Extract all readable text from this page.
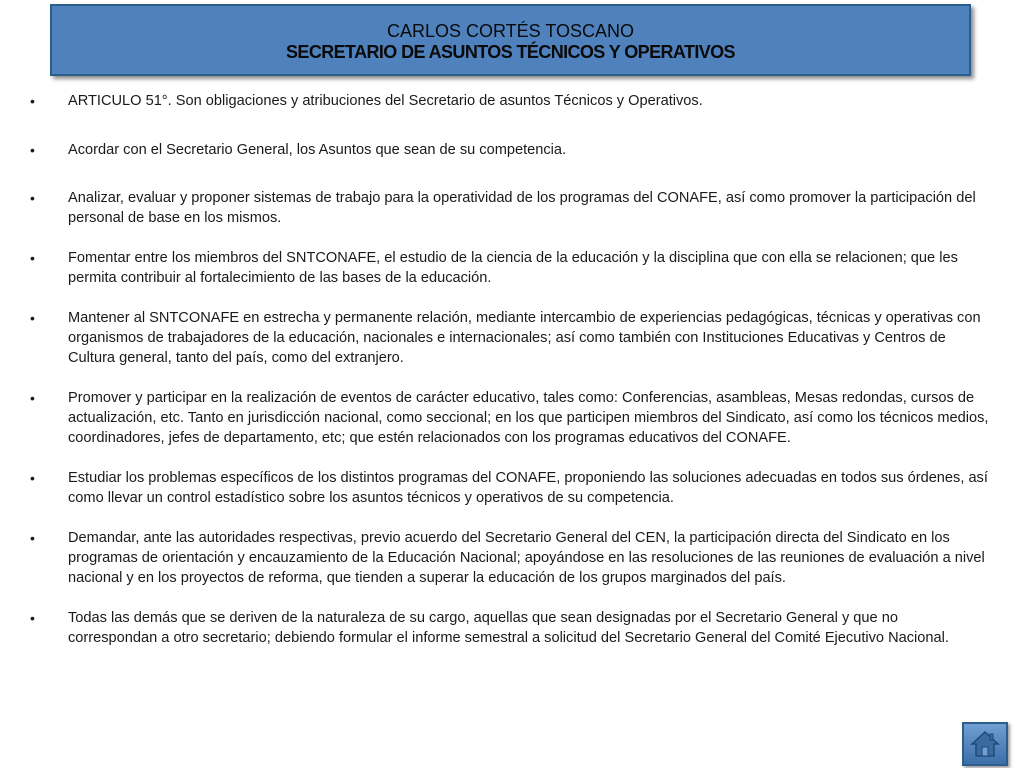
CARLOS CORTÉS TOSCANO
SECRETARIO DE ASUNTOS TÉCNICOS Y OPERATIVOS
•	ARTICULO 51°. Son obligaciones y atribuciones del Secretario de asuntos Técnicos y Operativos.
•	Acordar con el Secretario General, los Asuntos que sean de su competencia.
•	Analizar, evaluar y proponer sistemas de trabajo para la operatividad de los programas del CONAFE, así como promover la participación del personal de base en los mismos.
•	Fomentar entre los miembros del SNTCONAFE, el estudio de la ciencia de la educación y la disciplina que con ella se relacionen; que les permita contribuir al fortalecimiento de las bases de la educación.
•	Mantener al SNTCONAFE en estrecha y permanente relación, mediante intercambio de experiencias pedagógicas, técnicas y operativas con organismos de trabajadores de la educación, nacionales e internacionales; así como también con Instituciones Educativas y Centros de Cultura general, tanto del país, como del extranjero.
•	Promover y participar en la realización de eventos de carácter educativo, tales como: Conferencias, asambleas, Mesas redondas, cursos de actualización, etc. Tanto en jurisdicción nacional, como seccional; en los que participen miembros del Sindicato, así como los técnicos medios, coordinadores, jefes de departamento, etc; que estén relacionados con los programas educativos del CONAFE.
•	Estudiar los problemas específicos de los distintos programas del CONAFE, proponiendo las soluciones adecuadas en todos sus órdenes, así como llevar un control estadístico sobre los asuntos técnicos y operativos de su competencia.
•	Demandar, ante las autoridades respectivas, previo acuerdo del Secretario General del CEN, la participación directa del Sindicato en los programas de orientación y encauzamiento de la Educación Nacional; apoyándose en las resoluciones de las reuniones de evaluación a nivel nacional y en los proyectos de reforma, que tienden a superar la educación de los grupos marginados del país.
•	Todas las demás que se deriven de la naturaleza de su cargo, aquellas que sean designadas por el Secretario General y que no correspondan a otro secretario; debiendo formular el informe semestral a solicitud del Secretario General del Comité Ejecutivo Nacional.
